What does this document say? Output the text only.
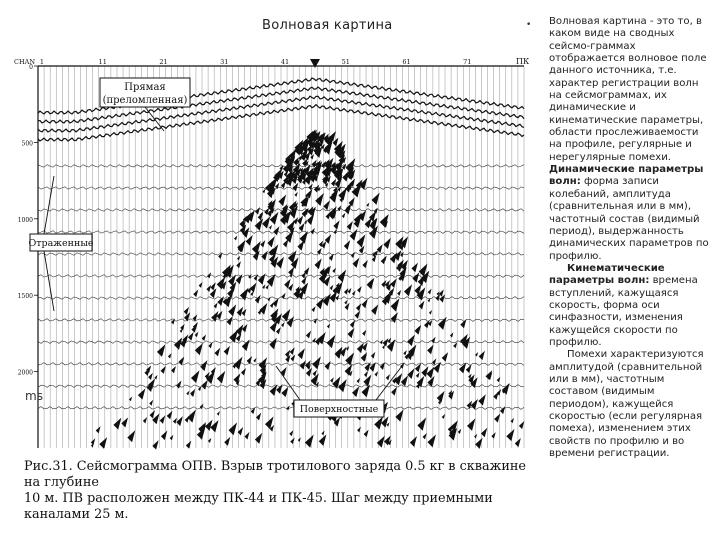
Волновая картина
1	11	21	31	41	51	61	71
0
500
1000
1500
2000
CHAN	ПК
Прямая
(преломленная)
Отраженные
Поверхностные
ms
• Волновая картина - это то, в каком виде на сводных сейсмо-граммах отображается волновое поле данного источника, т.е. характер регистрации волн на сейсмограммах, их динамические и кинематические параметры, области прослеживаемости на профиле, регулярные и нерегулярные помехи.

Динамические параметры волн: форма записи колебаний, амплитуда (сравнительная или в мм), частотный состав (видимый период), выдержанность динамических параметров по профилю.

Кинематические параметры волн: времена вступлений, кажущаяся скорость, форма оси синфазности, изменения кажущейся скорости по профилю.

Помехи характеризуются амплитудой (сравнительной или в мм), частотным составом (видимым периодом), кажущейся скоростью (если регулярная помеха), изменением этих свойств по профилю и во времени регистрации.

Рис.31. Сейсмограмма ОПВ. Взрыв тротилового заряда 0.5 кг в скважине на глубине
10 м. ПВ расположен между ПК-44 и ПК-45. Шаг между приемными каналами 25 м.
